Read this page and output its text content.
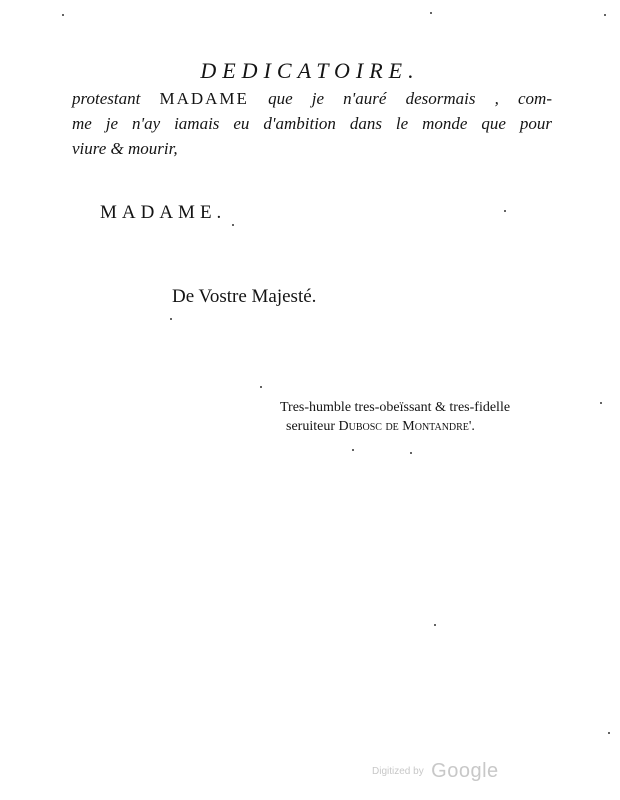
DEDICATOIRE.
protestant MADAME que je n'auré desormais , com-
me je n'ay iamais eu d'ambition dans le monde que pour
viure & mourir,
MADAME.
De Vostre Majesté.
Tres-humble tres-obeïssant & tres-fidelle
seruiteur Dubosc de Montandre'.
Digitized by Google
